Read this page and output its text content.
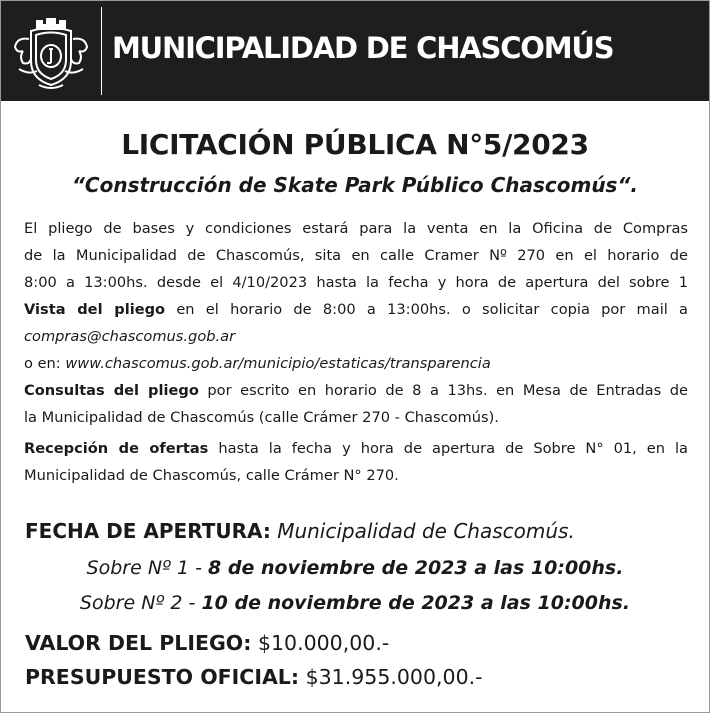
MUNICIPALIDAD DE CHASCOMÚS
LICITACIÓN PÚBLICA N°5/2023
“Construcción de Skate Park Público Chascomús“.
El pliego de bases y condiciones estará para la venta en la Oficina de Compras
de la Municipalidad de Chascomús, sita en calle Cramer Nº 270 en el horario de
8:00 a 13:00hs. desde el 4/10/2023 hasta la fecha y hora de apertura del sobre 1
Vista del pliego en el horario de 8:00 a 13:00hs. o solicitar copia por mail a
compras@chascomus.gob.ar
o en: www.chascomus.gob.ar/municipio/estaticas/transparencia
Consultas del pliego por escrito en horario de 8 a 13hs. en Mesa de Entradas de
la Municipalidad de Chascomús (calle Crámer 270 - Chascomús).
Recepción de ofertas hasta la fecha y hora de apertura de Sobre N° 01, en la
Municipalidad de Chascomús, calle Crámer N° 270.
FECHA DE APERTURA: Municipalidad de Chascomús.
Sobre Nº 1 - 8 de noviembre de 2023 a las 10:00hs.
Sobre Nº 2 - 10 de noviembre de 2023 a las 10:00hs.
VALOR DEL PLIEGO: $10.000,00.-
PRESUPUESTO OFICIAL: $31.955.000,00.-
